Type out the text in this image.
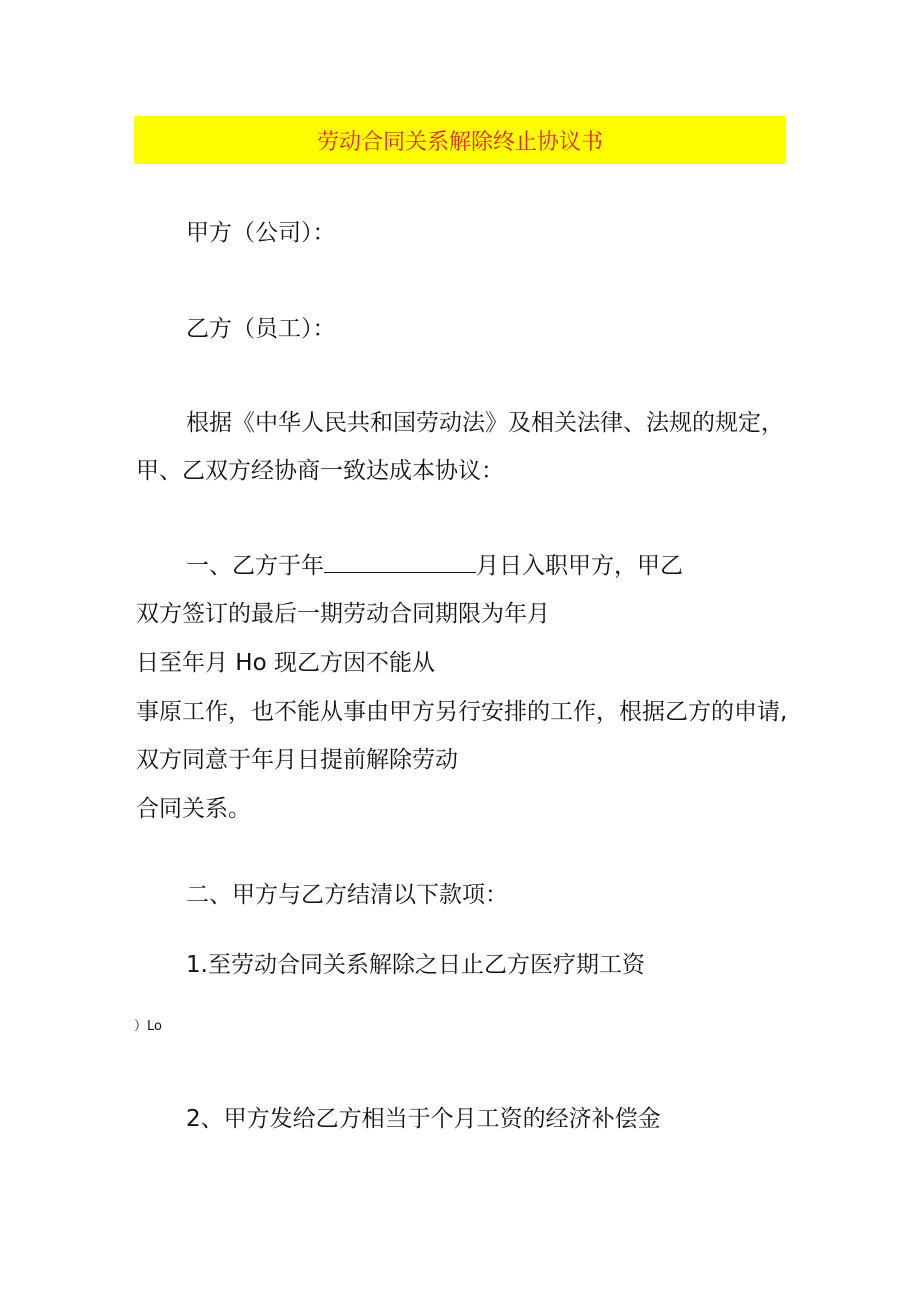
劳动合同关系解除终止协议书
甲方（公司）：
乙方（员工）：
根据《中华人民共和国劳动法》及相关法律、法规的规定，
甲、乙双方经协商一致达成本协议：
一、乙方于年	月日入职甲方，甲乙
双方签订的最后一期劳动合同期限为年月
日至年月 Ho 现乙方因不能从
事原工作，也不能从事由甲方另行安排的工作，根据乙方的申请,
双方同意于年月日提前解除劳动
合同关系。
二、甲方与乙方结清以下款项：
1.至劳动合同关系解除之日止乙方医疗期工资
）Lo
2、甲方发给乙方相当于个月工资的经济补偿金
